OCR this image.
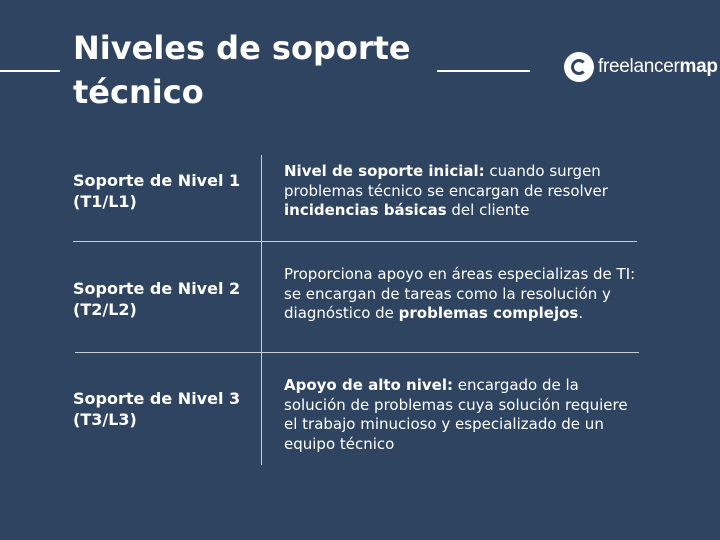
Niveles de soporte
técnico
freelancermap
Soporte de Nivel 1
(T1/L1)
Nivel de soporte inicial: cuando surgen problemas técnico se encargan de resolver incidencias básicas del cliente
Soporte de Nivel 2
(T2/L2)
Proporciona apoyo en áreas especializas de TI: se encargan de tareas como la resolución y diagnóstico de problemas complejos.
Soporte de Nivel 3
(T3/L3)
Apoyo de alto nivel: encargado de la solución de problemas cuya solución requiere el trabajo minucioso y especializado de un equipo técnico
